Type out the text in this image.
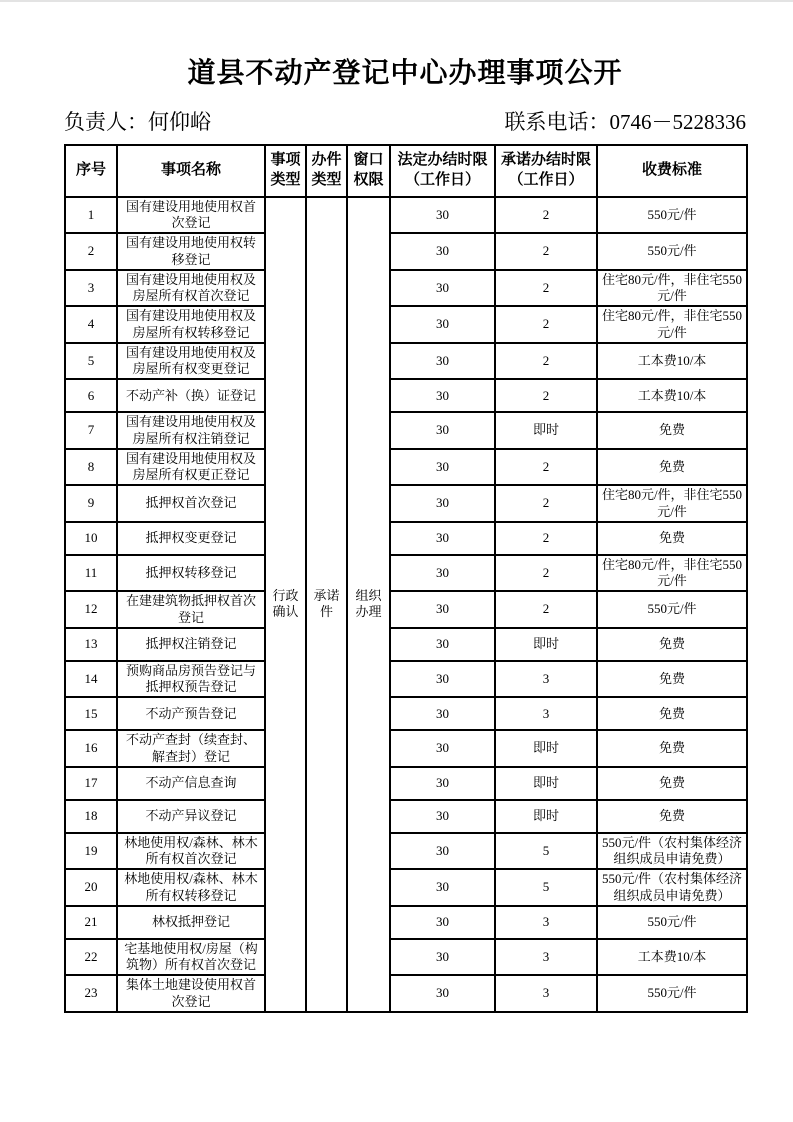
道县不动产登记中心办理事项公开
负责人：何仰峪	联系电话：0746－5228336
序号	事项名称	事项类型	办件类型	窗口权限	法定办结时限（工作日）	承诺办结时限（工作日）	收费标准
1	国有建设用地使用权首次登记	行政确认	承诺件	组织办理	30	2	550元/件
2	国有建设用地使用权转移登记				30	2	550元/件
3	国有建设用地使用权及房屋所有权首次登记				30	2	住宅80元/件，非住宅550元/件
4	国有建设用地使用权及房屋所有权转移登记				30	2	住宅80元/件，非住宅550元/件
5	国有建设用地使用权及房屋所有权变更登记				30	2	工本费10/本
6	不动产补（换）证登记				30	2	工本费10/本
7	国有建设用地使用权及房屋所有权注销登记				30	即时	免费
8	国有建设用地使用权及房屋所有权更正登记				30	2	免费
9	抵押权首次登记				30	2	住宅80元/件，非住宅550元/件
10	抵押权变更登记				30	2	免费
11	抵押权转移登记				30	2	住宅80元/件，非住宅550元/件
12	在建建筑物抵押权首次登记				30	2	550元/件
13	抵押权注销登记				30	即时	免费
14	预购商品房预告登记与抵押权预告登记				30	3	免费
15	不动产预告登记				30	3	免费
16	不动产查封（续查封、解查封）登记				30	即时	免费
17	不动产信息查询				30	即时	免费
18	不动产异议登记				30	即时	免费
19	林地使用权/森林、林木所有权首次登记				30	5	550元/件（农村集体经济组织成员申请免费）
20	林地使用权/森林、林木所有权转移登记				30	5	550元/件（农村集体经济组织成员申请免费）
21	林权抵押登记				30	3	550元/件
22	宅基地使用权/房屋（构筑物）所有权首次登记				30	3	工本费10/本
23	集体土地建设使用权首次登记				30	3	550元/件
